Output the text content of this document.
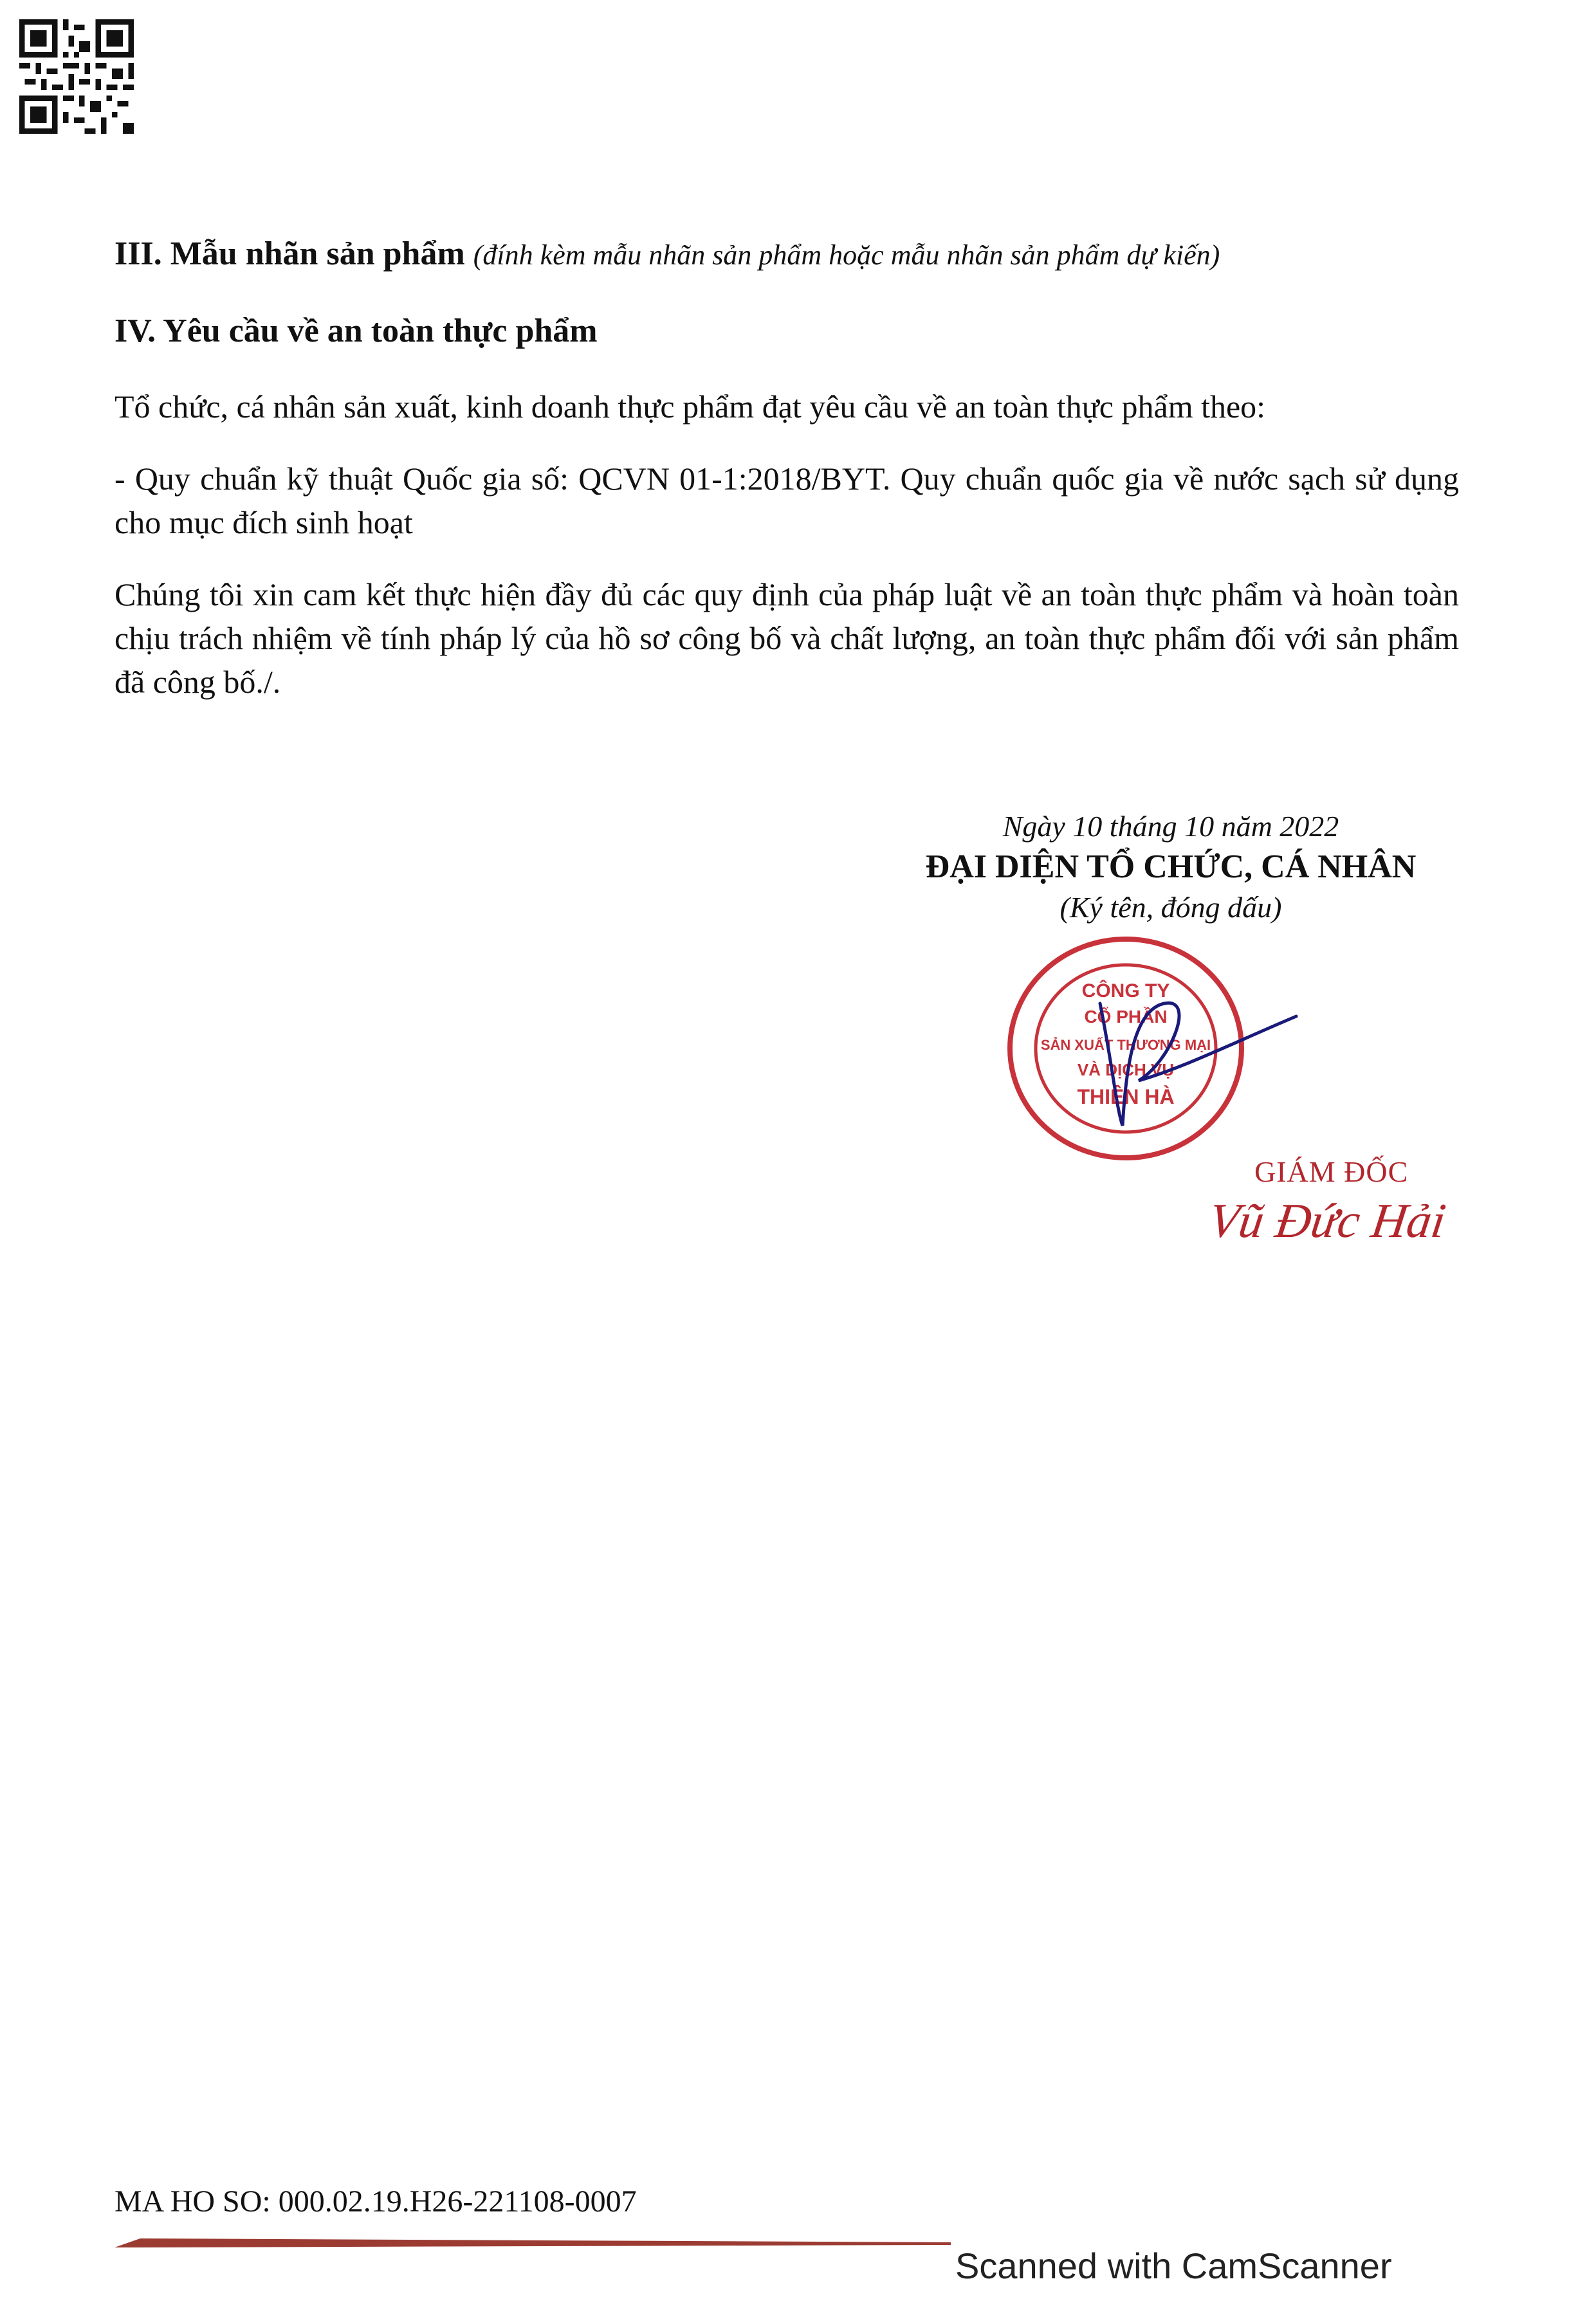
III. Mẫu nhãn sản phẩm (đính kèm mẫu nhãn sản phẩm hoặc mẫu nhãn sản phẩm dự kiến)

IV. Yêu cầu về an toàn thực phẩm

Tổ chức, cá nhân sản xuất, kinh doanh thực phẩm đạt yêu cầu về an toàn thực phẩm theo:

- Quy chuẩn kỹ thuật Quốc gia số: QCVN 01-1:2018/BYT. Quy chuẩn quốc gia về nước sạch sử dụng cho mục đích sinh hoạt

Chúng tôi xin cam kết thực hiện đầy đủ các quy định của pháp luật về an toàn thực phẩm và hoàn toàn chịu trách nhiệm về tính pháp lý của hồ sơ công bố và chất lượng, an toàn thực phẩm đối với sản phẩm đã công bố./.

Ngày 10 tháng 10 năm 2022
ĐẠI DIỆN TỔ CHỨC, CÁ NHÂN
(Ký tên, đóng dấu)
CÔNG TY
CỔ PHẦN
SẢN XUẤT THƯƠNG MẠI
VÀ DỊCH VỤ
THIÊN HÀ
GIÁM ĐỐC
Vũ Đức Hải
MA HO SO: 000.02.19.H26-221108-0007
Scanned with CamScanner
